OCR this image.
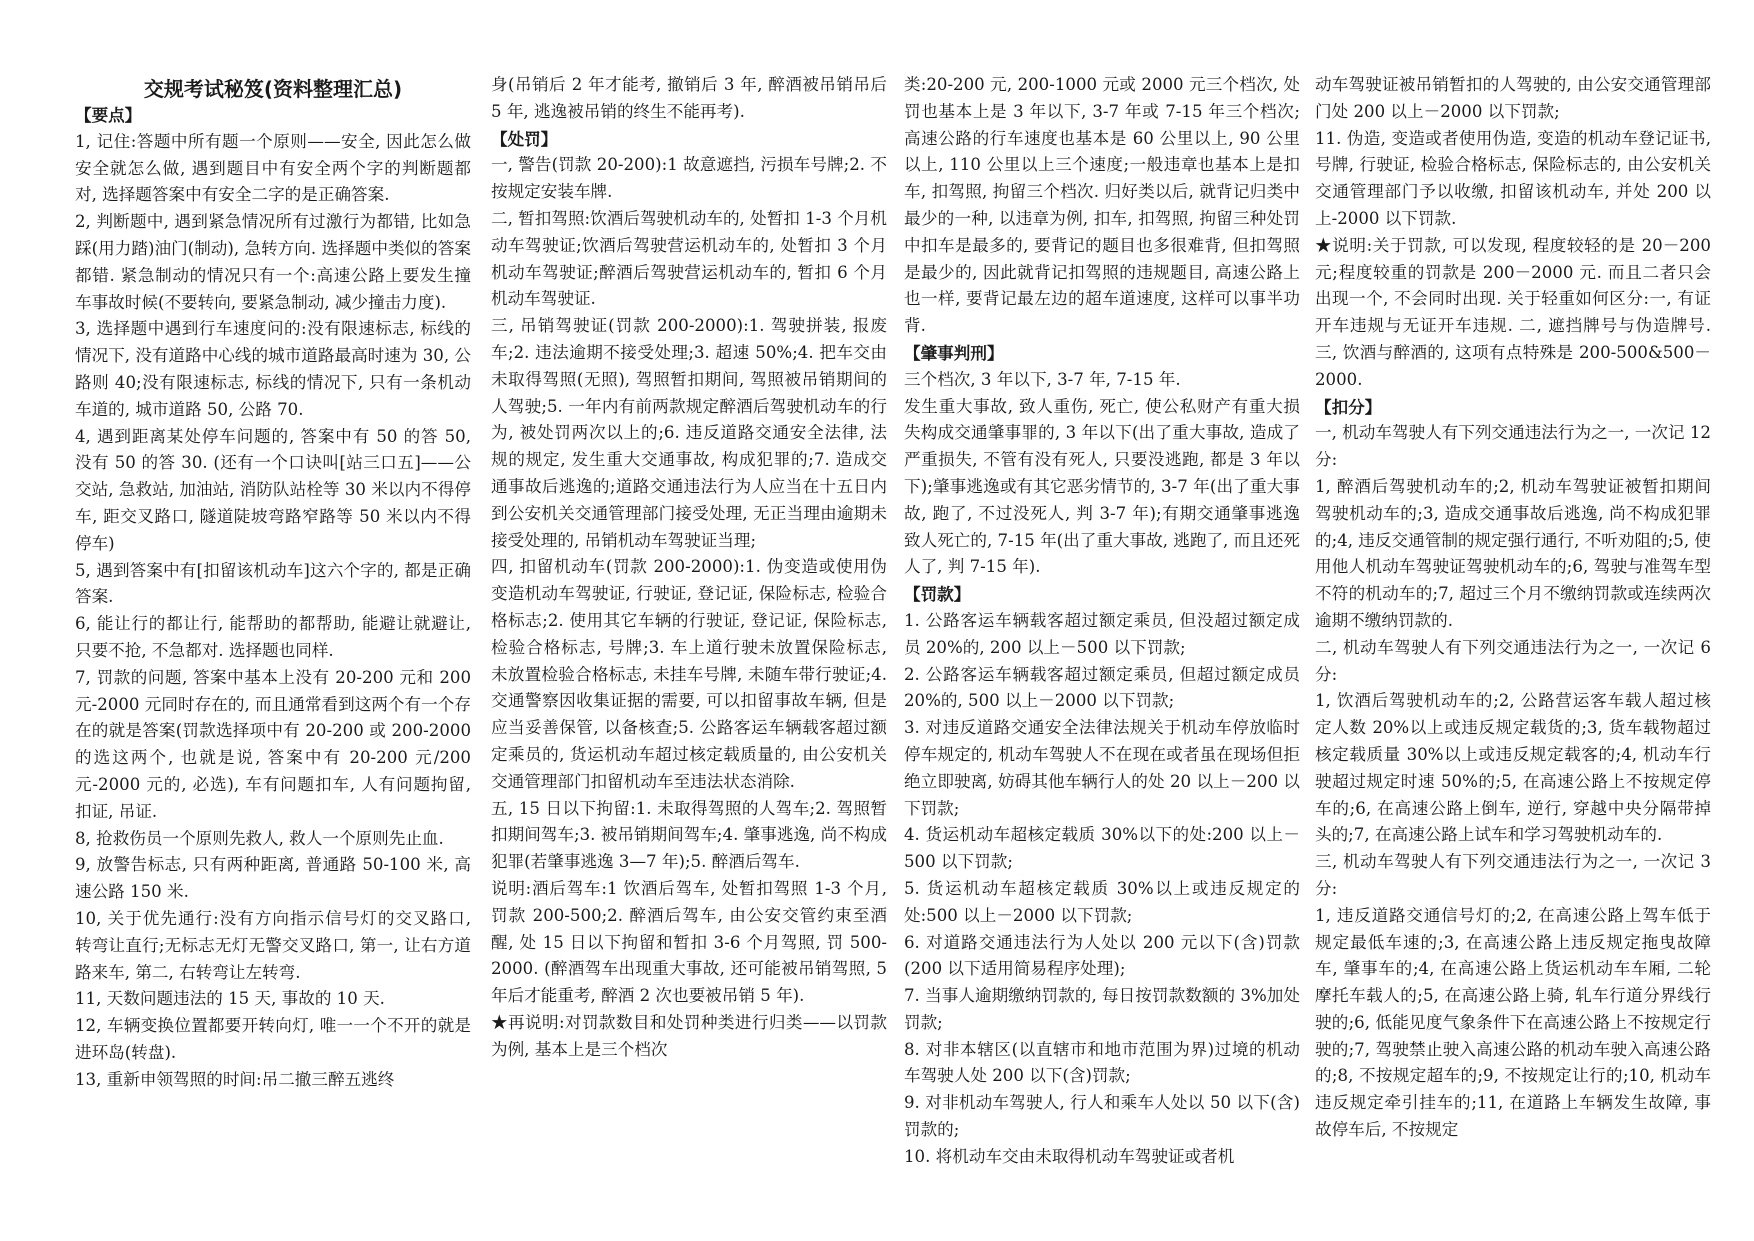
交规考试秘笈(资料整理汇总)

【要点】

1, 记住:答题中所有题一个原则——安全, 因此怎么做安全就怎么做, 遇到题目中有安全两个字的判断题都对, 选择题答案中有安全二字的是正确答案.

2, 判断题中, 遇到紧急情况所有过激行为都错, 比如急踩(用力踏)油门(制动), 急转方向. 选择题中类似的答案都错. 紧急制动的情况只有一个:高速公路上要发生撞车事故时候(不要转向, 要紧急制动, 减少撞击力度).

3, 选择题中遇到行车速度问的:没有限速标志, 标线的情况下, 没有道路中心线的城市道路最高时速为 30, 公路则 40;没有限速标志, 标线的情况下, 只有一条机动车道的, 城市道路 50, 公路 70.

4, 遇到距离某处停车问题的, 答案中有 50 的答 50, 没有 50 的答 30. (还有一个口诀叫[站三口五]——公交站, 急救站, 加油站, 消防队站栓等 30 米以内不得停车, 距交叉路口, 隧道陡坡弯路窄路等 50 米以内不得停车)

5, 遇到答案中有[扣留该机动车]这六个字的, 都是正确答案.

6, 能让行的都让行, 能帮助的都帮助, 能避让就避让, 只要不抢, 不急都对. 选择题也同样.

7, 罚款的问题, 答案中基本上没有 20-200 元和 200 元-2000 元同时存在的, 而且通常看到这两个有一个存在的就是答案(罚款选择项中有 20-200 或 200-2000 的选这两个, 也就是说, 答案中有 20-200 元/200 元-2000 元的, 必选), 车有问题扣车, 人有问题拘留, 扣证, 吊证.

8, 抢救伤员一个原则先救人, 救人一个原则先止血.

9, 放警告标志, 只有两种距离, 普通路 50-100 米, 高速公路 150 米.

10, 关于优先通行:没有方向指示信号灯的交叉路口, 转弯让直行;无标志无灯无警交叉路口, 第一, 让右方道路来车, 第二, 右转弯让左转弯.

11, 天数问题违法的 15 天, 事故的 10 天.

12, 车辆变换位置都要开转向灯, 唯一一个不开的就是进环岛(转盘).

13, 重新申领驾照的时间:吊二撤三醉五逃终

身(吊销后 2 年才能考, 撤销后 3 年, 醉酒被吊销吊后 5 年, 逃逸被吊销的终生不能再考).

【处罚】

一, 警告(罚款 20-200):1 故意遮挡, 污损车号牌;2. 不按规定安装车牌.

二, 暂扣驾照:饮酒后驾驶机动车的, 处暂扣 1-3 个月机动车驾驶证;饮酒后驾驶营运机动车的, 处暂扣 3 个月机动车驾驶证;醉酒后驾驶营运机动车的, 暂扣 6 个月机动车驾驶证.

三, 吊销驾驶证(罚款 200-2000):1. 驾驶拼装, 报废车;2. 违法逾期不接受处理;3. 超速 50%;4. 把车交由未取得驾照(无照), 驾照暂扣期间, 驾照被吊销期间的人驾驶;5. 一年内有前两款规定醉酒后驾驶机动车的行为, 被处罚两次以上的;6. 违反道路交通安全法律, 法规的规定, 发生重大交通事故, 构成犯罪的;7. 造成交通事故后逃逸的;道路交通违法行为人应当在十五日内到公安机关交通管理部门接受处理, 无正当理由逾期未接受处理的, 吊销机动车驾驶证当理;

四, 扣留机动车(罚款 200-2000):1. 伪变造或使用伪变造机动车驾驶证, 行驶证, 登记证, 保险标志, 检验合格标志;2. 使用其它车辆的行驶证, 登记证, 保险标志, 检验合格标志, 号牌;3. 车上道行驶未放置保险标志, 未放置检验合格标志, 未挂车号牌, 未随车带行驶证;4. 交通警察因收集证据的需要, 可以扣留事故车辆, 但是应当妥善保管, 以备核查;5. 公路客运车辆载客超过额定乘员的, 货运机动车超过核定载质量的, 由公安机关交通管理部门扣留机动车至违法状态消除.

五, 15 日以下拘留:1. 未取得驾照的人驾车;2. 驾照暂扣期间驾车;3. 被吊销期间驾车;4. 肇事逃逸, 尚不构成犯罪(若肇事逃逸 3—7 年);5. 醉酒后驾车.

说明:酒后驾车:1 饮酒后驾车, 处暂扣驾照 1-3 个月, 罚款 200-500;2. 醉酒后驾车, 由公安交管约束至酒醒, 处 15 日以下拘留和暂扣 3-6 个月驾照, 罚 500-2000. (醉酒驾车出现重大事故, 还可能被吊销驾照, 5 年后才能重考, 醉酒 2 次也要被吊销 5 年).

★再说明:对罚款数目和处罚种类进行归类——以罚款为例, 基本上是三个档次

类:20-200 元, 200-1000 元或 2000 元三个档次, 处罚也基本上是 3 年以下, 3-7 年或 7-15 年三个档次;高速公路的行车速度也基本是 60 公里以上, 90 公里以上, 110 公里以上三个速度;一般违章也基本上是扣车, 扣驾照, 拘留三个档次. 归好类以后, 就背记归类中最少的一种, 以违章为例, 扣车, 扣驾照, 拘留三种处罚中扣车是最多的, 要背记的题目也多很难背, 但扣驾照是最少的, 因此就背记扣驾照的违规题目, 高速公路上也一样, 要背记最左边的超车道速度, 这样可以事半功背.

【肇事判刑】

三个档次, 3 年以下, 3-7 年, 7-15 年.

发生重大事故, 致人重伤, 死亡, 使公私财产有重大损失构成交通肇事罪的, 3 年以下(出了重大事故, 造成了严重损失, 不管有没有死人, 只要没逃跑, 都是 3 年以下);肇事逃逸或有其它恶劣情节的, 3-7 年(出了重大事故, 跑了, 不过没死人, 判 3-7 年);有期交通肇事逃逸致人死亡的, 7-15 年(出了重大事故, 逃跑了, 而且还死人了, 判 7-15 年).

【罚款】

1. 公路客运车辆载客超过额定乘员, 但没超过额定成员 20%的, 200 以上－500 以下罚款;

2. 公路客运车辆载客超过额定乘员, 但超过额定成员 20%的, 500 以上－2000 以下罚款;

3. 对违反道路交通安全法律法规关于机动车停放临时停车规定的, 机动车驾驶人不在现在或者虽在现场但拒绝立即驶离, 妨碍其他车辆行人的处 20 以上－200 以下罚款;

4. 货运机动车超核定载质 30%以下的处:200 以上－500 以下罚款;

5. 货运机动车超核定载质 30%以上或违反规定的处:500 以上－2000 以下罚款;

6. 对道路交通违法行为人处以 200 元以下(含)罚款(200 以下适用简易程序处理);

7. 当事人逾期缴纳罚款的, 每日按罚款数额的 3%加处罚款;

8. 对非本辖区(以直辖市和地市范围为界)过境的机动车驾驶人处 200 以下(含)罚款;

9. 对非机动车驾驶人, 行人和乘车人处以 50 以下(含)罚款的;

10. 将机动车交由未取得机动车驾驶证或者机

动车驾驶证被吊销暂扣的人驾驶的, 由公安交通管理部门处 200 以上－2000 以下罚款;

11. 伪造, 变造或者使用伪造, 变造的机动车登记证书, 号牌, 行驶证, 检验合格标志, 保险标志的, 由公安机关交通管理部门予以收缴, 扣留该机动车, 并处 200 以上-2000 以下罚款.

★说明:关于罚款, 可以发现, 程度较轻的是 20－200 元;程度较重的罚款是 200－2000 元. 而且二者只会出现一个, 不会同时出现. 关于轻重如何区分:一, 有证开车违规与无证开车违规. 二, 遮挡牌号与伪造牌号. 三, 饮酒与醉酒的, 这项有点特殊是 200-500&500－2000.

【扣分】

一, 机动车驾驶人有下列交通违法行为之一, 一次记 12 分:

1, 醉酒后驾驶机动车的;2, 机动车驾驶证被暂扣期间驾驶机动车的;3, 造成交通事故后逃逸, 尚不构成犯罪的;4, 违反交通管制的规定强行通行, 不听劝阻的;5, 使用他人机动车驾驶证驾驶机动车的;6, 驾驶与准驾车型不符的机动车的;7, 超过三个月不缴纳罚款或连续两次逾期不缴纳罚款的.

二, 机动车驾驶人有下列交通违法行为之一, 一次记 6 分:

1, 饮酒后驾驶机动车的;2, 公路营运客车载人超过核定人数 20%以上或违反规定载货的;3, 货车载物超过核定载质量 30%以上或违反规定载客的;4, 机动车行驶超过规定时速 50%的;5, 在高速公路上不按规定停车的;6, 在高速公路上倒车, 逆行, 穿越中央分隔带掉头的;7, 在高速公路上试车和学习驾驶机动车的.

三, 机动车驾驶人有下列交通违法行为之一, 一次记 3 分:

1, 违反道路交通信号灯的;2, 在高速公路上驾车低于规定最低车速的;3, 在高速公路上违反规定拖曳故障车, 肇事车的;4, 在高速公路上货运机动车车厢, 二轮摩托车载人的;5, 在高速公路上骑, 轧车行道分界线行驶的;6, 低能见度气象条件下在高速公路上不按规定行驶的;7, 驾驶禁止驶入高速公路的机动车驶入高速公路的;8, 不按规定超车的;9, 不按规定让行的;10, 机动车违反规定牵引挂车的;11, 在道路上车辆发生故障, 事故停车后, 不按规定
